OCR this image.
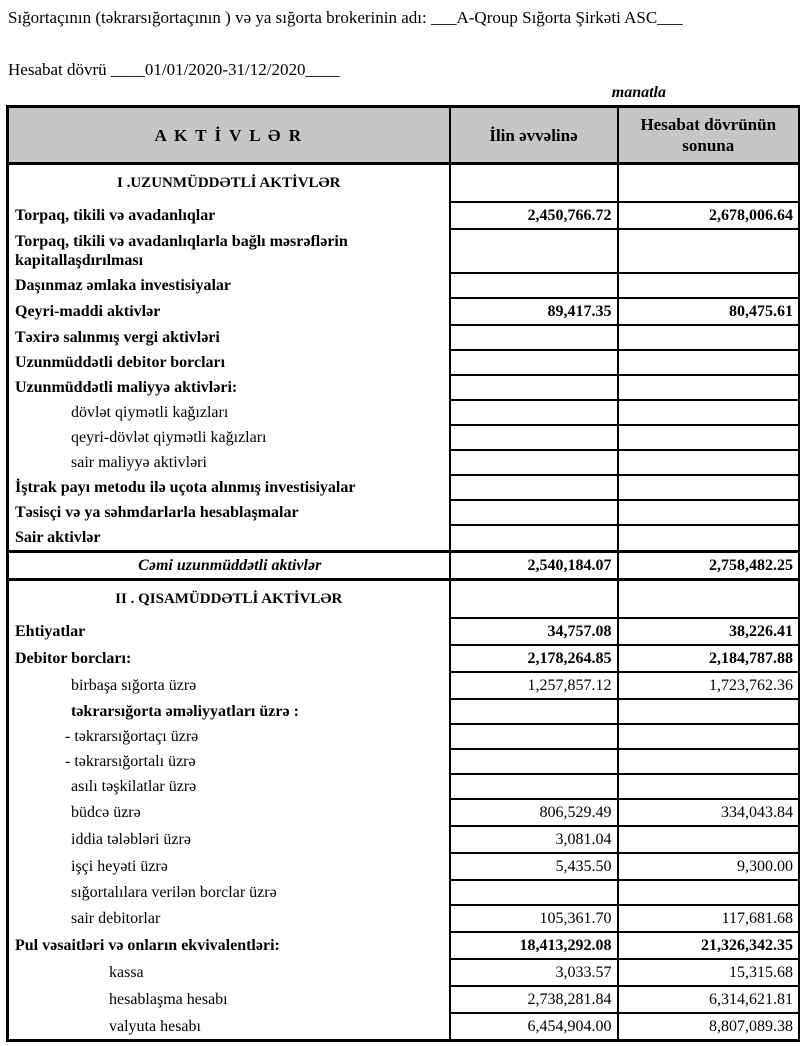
Sığortaçının (təkrarsığortaçının ) və ya sığorta brokerinin adı: ___A-Qroup Sığorta Şirkəti ASC___
Hesabat dövrü ____01/01/2020-31/12/2020____
manatla
A K T İ V L Ə R	İlin əvvəlinə	Hesabat dövrünün sonuna
I .UZUNMÜDDƏTLİ AKTİVLƏR		
Torpaq, tikili və avadanlıqlar	2,450,766.72	2,678,006.64
Torpaq, tikili və avadanlıqlarla bağlı məsrəflərin kapitallaşdırılması		
Daşınmaz əmlaka investisiyalar		
Qeyri-maddi aktivlər	89,417.35	80,475.61
Təxirə salınmış vergi aktivləri		
Uzunmüddətli debitor borcları		
Uzunmüddətli maliyyə aktivləri:		
dövlət qiymətli kağızları		
qeyri-dövlət qiymətli kağızları		
sair maliyyə aktivləri		
İştrak payı metodu ilə uçota alınmış investisiyalar		
Təsisçi və ya səhmdarlarla hesablaşmalar		
Sair aktivlər		
Cəmi uzunmüddətli aktivlər	2,540,184.07	2,758,482.25
II . QISAMÜDDƏTLİ AKTİVLƏR		
Ehtiyatlar	34,757.08	38,226.41
Debitor borcları:	2,178,264.85	2,184,787.88
birbaşa sığorta üzrə	1,257,857.12	1,723,762.36
təkrarsığorta əməliyyatları üzrə :		
- təkrarsığortaçı üzrə		
- təkrarsığortalı üzrə		
asılı təşkilatlar üzrə		
büdcə üzrə	806,529.49	334,043.84
iddia tələbləri üzrə	3,081.04	
işçi heyəti üzrə	5,435.50	9,300.00
sığortalılara verilən borclar üzrə		
sair debitorlar	105,361.70	117,681.68
Pul vəsaitləri və onların ekvivalentləri:	18,413,292.08	21,326,342.35
kassa	3,033.57	15,315.68
hesablaşma hesabı	2,738,281.84	6,314,621.81
valyuta hesabı	6,454,904.00	8,807,089.38
